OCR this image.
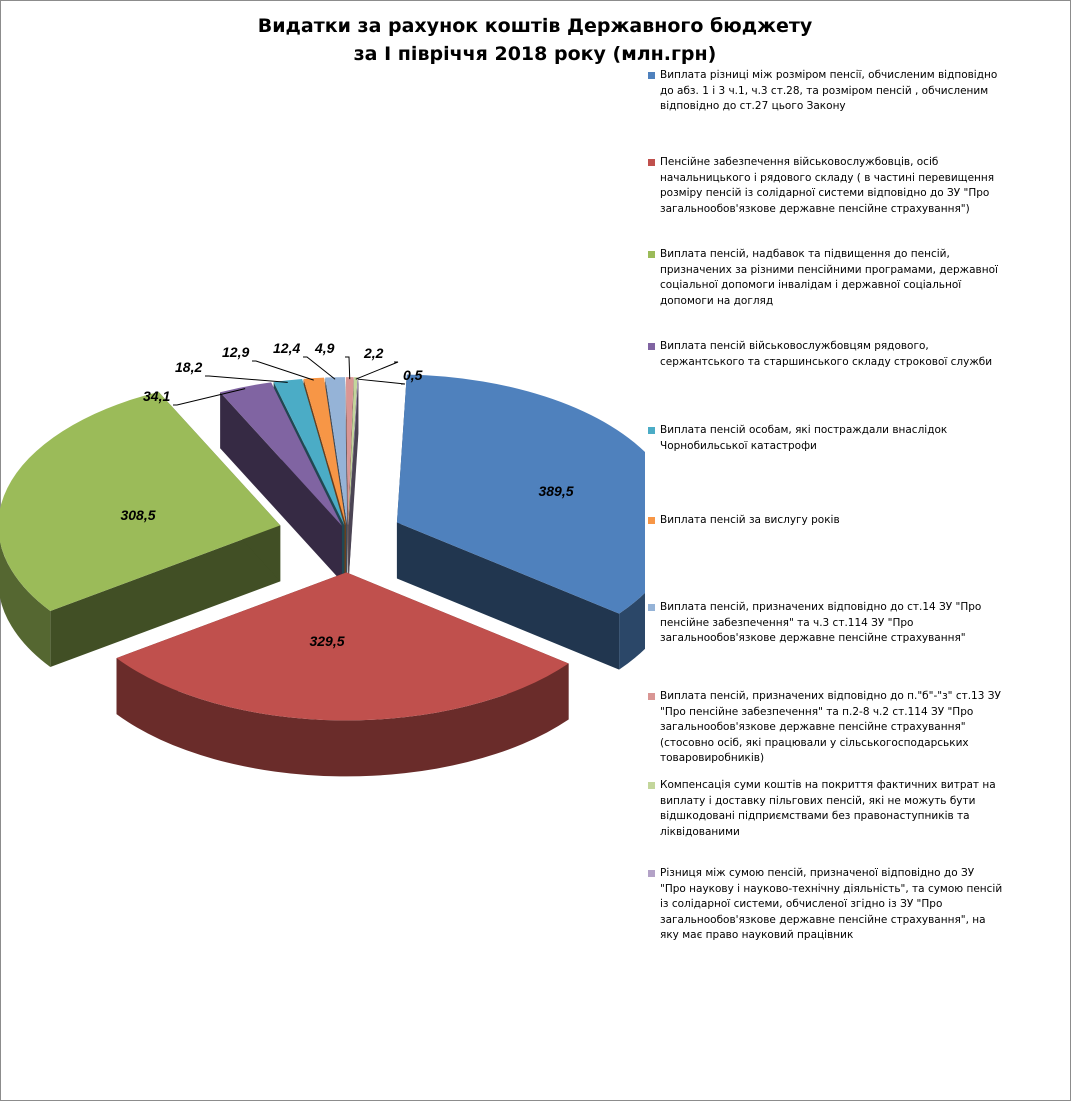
Видатки за рахунок коштів Державного бюджету
за І півріччя 2018 року (млн.грн)
389,5
329,5
308,5
34,1
18,2
12,9 12,4 4,9 2,2
0,5
Виплата різниці між розміром пенсії, обчисленим відповідно до абз. 1 і 3 ч.1, ч.3 ст.28, та розміром пенсій , обчисленим відповідно до ст.27 цього Закону
Пенсійне забезпечення військовослужбовців, осіб начальницького і рядового складу ( в частині перевищення розміру пенсій із солідарної системи відповідно до ЗУ "Про загальнообов'язкове державне пенсійне страхування")
Виплата пенсій, надбавок та підвищення до пенсій, призначених за різними пенсійними програмами, державної соціальної допомоги інвалідам і державної соціальної допомоги на догляд
Виплата пенсій військовослужбовцям рядового, сержантського та старшинського складу строкової служби
Виплата пенсій особам, які постраждали внаслідок Чорнобильської катастрофи
Виплата пенсій за вислугу років
Виплата пенсій, призначених відповідно до ст.14 ЗУ "Про пенсійне забезпечення" та ч.3 ст.114 ЗУ "Про загальнообов'язкове державне пенсійне страхування"
Виплата пенсій, призначених відповідно до п."б"-"з" ст.13 ЗУ "Про пенсійне забезпечення" та п.2-8 ч.2 ст.114 ЗУ "Про загальнообов'язкове державне пенсійне страхування" (стосовно осіб, які працювали у сільськогосподарських товаровиробників)
Компенсація суми коштів на покриття фактичних витрат на виплату і доставку пільгових пенсій, які не можуть бути відшкодовані підприємствами без правонаступників та ліквідованими
Різниця між сумою пенсій, призначеної відповідно до ЗУ "Про наукову і науково-технічну діяльність", та сумою пенсій із солідарної системи, обчисленої згідно із ЗУ "Про загальнообов'язкове державне пенсійне страхування", на яку має право науковий працівник
